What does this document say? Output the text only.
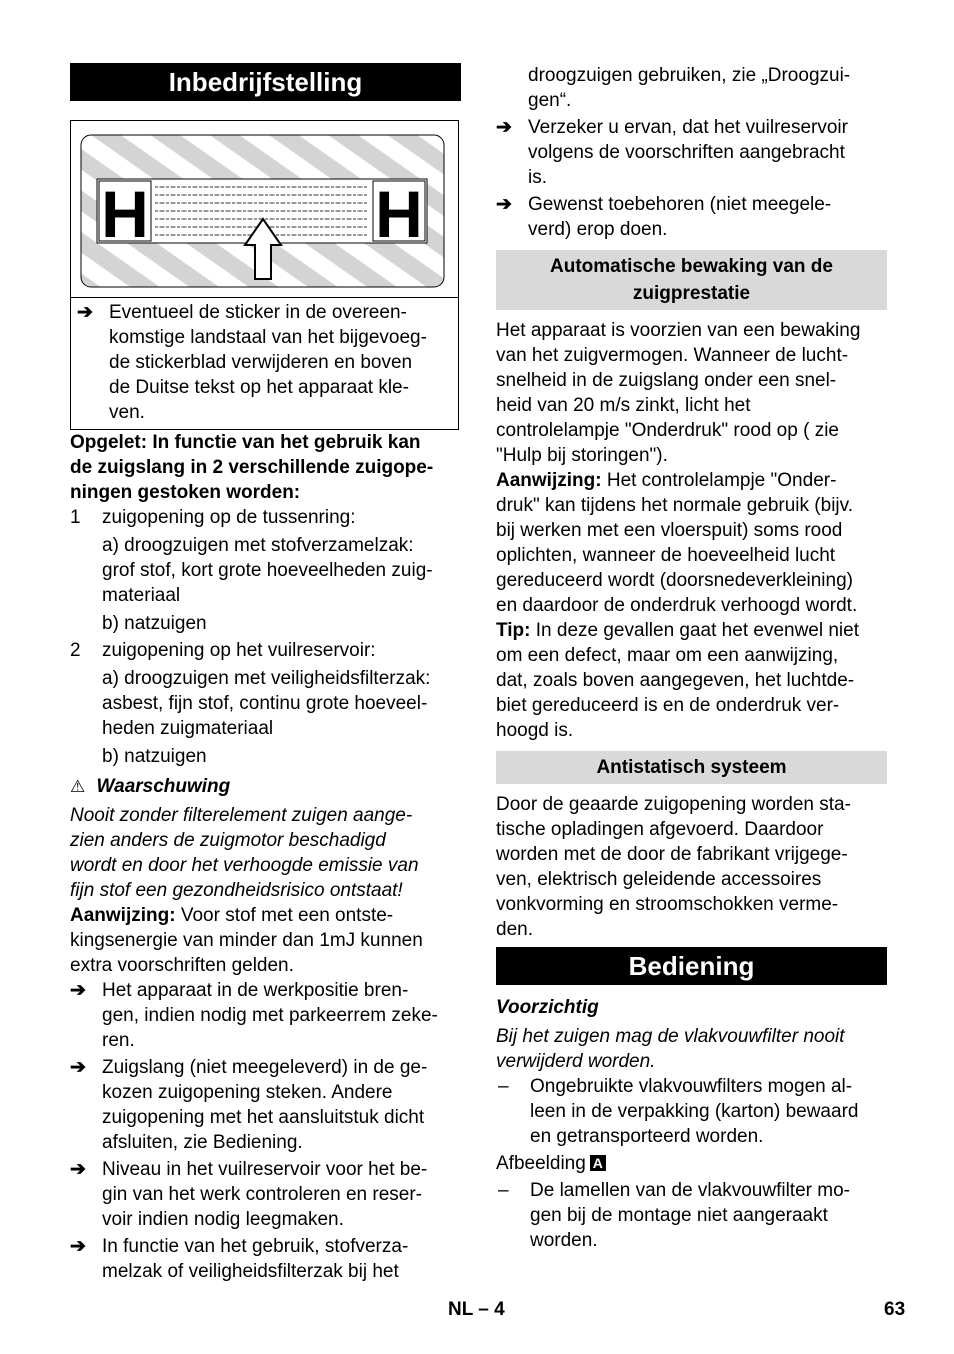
Inbedrijfstelling
H	H
➔ Eventueel de sticker in de overeen-
komstige landstaal van het bijgevoeg-
de stickerblad verwijderen en boven
de Duitse tekst op het apparaat kle-
ven.

Opgelet: In functie van het gebruik kan
de zuigslang in 2 verschillende zuigope-
ningen gestoken worden:

1	zuigopening op de tussenring:
a) droogzuigen met stofverzamelzak:
grof stof, kort grote hoeveelheden zuig-
materiaal
b) natzuigen
2	zuigopening op het vuilreservoir:
a) droogzuigen met veiligheidsfilterzak:
asbest, fijn stof, continu grote hoeveel-
heden zuigmateriaal
b) natzuigen
⚠ Waarschuwing

Nooit zonder filterelement zuigen aange-
zien anders de zuigmotor beschadigd
wordt en door het verhoogde emissie van
fijn stof een gezondheidsrisico ontstaat!

Aanwijzing: Voor stof met een ontste-
kingsenergie van minder dan 1mJ kunnen
extra voorschriften gelden.

➔ Het apparaat in de werkpositie bren-
gen, indien nodig met parkeerrem zeke-
ren.
➔ Zuigslang (niet meegeleverd) in de ge-
kozen zuigopening steken. Andere
zuigopening met het aansluitstuk dicht
afsluiten, zie Bediening.
➔ Niveau in het vuilreservoir voor het be-
gin van het werk controleren en reser-
voir indien nodig leegmaken.
➔ In functie van het gebruik, stofverza-
melzak of veiligheidsfilterzak bij het
droogzuigen gebruiken, zie „Droogzui-
gen“.
➔ Verzeker u ervan, dat het vuilreservoir
volgens de voorschriften aangebracht
is.
➔ Gewenst toebehoren (niet meegele-
verd) erop doen.
Automatische bewaking van de
zuigprestatie

Het apparaat is voorzien van een bewaking
van het zuigvermogen. Wanneer de lucht-
snelheid in de zuigslang onder een snel-
heid van 20 m/s zinkt, licht het
controlelampje "Onderdruk" rood op ( zie
"Hulp bij storingen").

Aanwijzing: Het controlelampje "Onder-
druk" kan tijdens het normale gebruik (bijv.
bij werken met een vloerspuit) soms rood
oplichten, wanneer de hoeveelheid lucht
gereduceerd wordt (doorsnedeverkleining)
en daardoor de onderdruk verhoogd wordt.

Tip: In deze gevallen gaat het evenwel niet
om een defect, maar om een aanwijzing,
dat, zoals boven aangegeven, het luchtde-
biet gereduceerd is en de onderdruk ver-
hoogd is.

Antistatisch systeem

Door de geaarde zuigopening worden sta-
tische opladingen afgevoerd. Daardoor
worden met de door de fabrikant vrijgege-
ven, elektrisch geleidende accessoires
vonkvorming en stroomschokken verme-
den.

Bediening
Voorzichtig

Bij het zuigen mag de vlakvouwfilter nooit
verwijderd worden.

–	Ongebruikte vlakvouwfilters mogen al-
leen in de verpakking (karton) bewaard
en getransporteerd worden.
Afbeelding A
–	De lamellen van de vlakvouwfilter mo-
gen bij de montage niet aangeraakt
worden.
NL – 4	63
